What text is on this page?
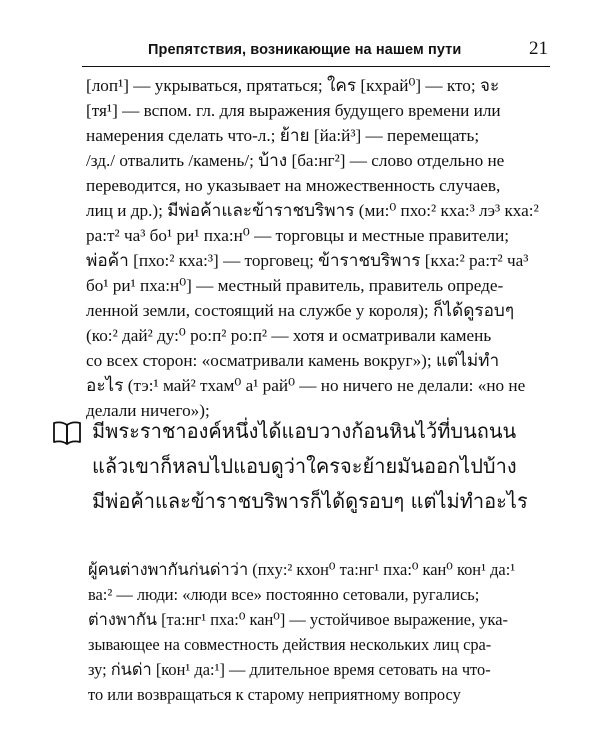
Препятствия, возникающие на нашем пути	21
[лоп¹] — укрываться, прятаться; ใคร [кхрай⁰] — кто; จะ
[тя¹] — вспом. гл. для выражения будущего времени или
намерения сделать что-л.; ย้าย [йа:й³] — перемещать;
/зд./ отвалить /камень/; บ้าง [ба:нг²] — слово отдельно не
переводится, но указывает на множественность случаев,
лиц и др.); มีพ่อค้าและข้าราชบริพาร (ми:⁰ пхо:² кха:³ лэ³ кха:²
ра:т² ча³ бо¹ ри¹ пха:н⁰ — торговцы и местные правители;
พ่อค้า [пхо:² кха:³] — торговец; ข้าราชบริพาร [кха:² ра:т² ча³
бо¹ ри¹ пха:н⁰] — местный правитель, правитель опреде-
ленной земли, состоящий на службе у короля); ก็ได้ดูรอบๆ
(ко:² дай² ду:⁰ ро:п² ро:п² — хотя и осматривали камень
со всех сторон: «осматривали камень вокруг»); แต่ไม่ทำ
อะไร (тэ:¹ май² тхам⁰ а¹ рай⁰ — но ничего не делали: «но не
делали ничего»);
มีพระราชาองค์หนึ่งได้แอบวางก้อนหินไว้ที่บนถนน
แล้วเขาก็หลบไปแอบดูว่าใครจะย้ายมันออกไปบ้าง
มีพ่อค้าและข้าราชบริพารก็ได้ดูรอบๆ แต่ไม่ทำอะไร
ผู้คนต่างพากันก่นด่าว่า (пхy:² кхон⁰ та:нг¹ пха:⁰ кан⁰ кон¹ да:¹
ва:² — люди: «люди все» постоянно сетовали, ругались;
ต่างพากัน [та:нг¹ пха:⁰ кан⁰] — устойчивое выражение, ука-
зывающее на совместность действия нескольких лиц сра-
зу; ก่นด่า [кон¹ да:¹] — длительное время сетовать на что-
то или возвращаться к старому неприятному вопросу
